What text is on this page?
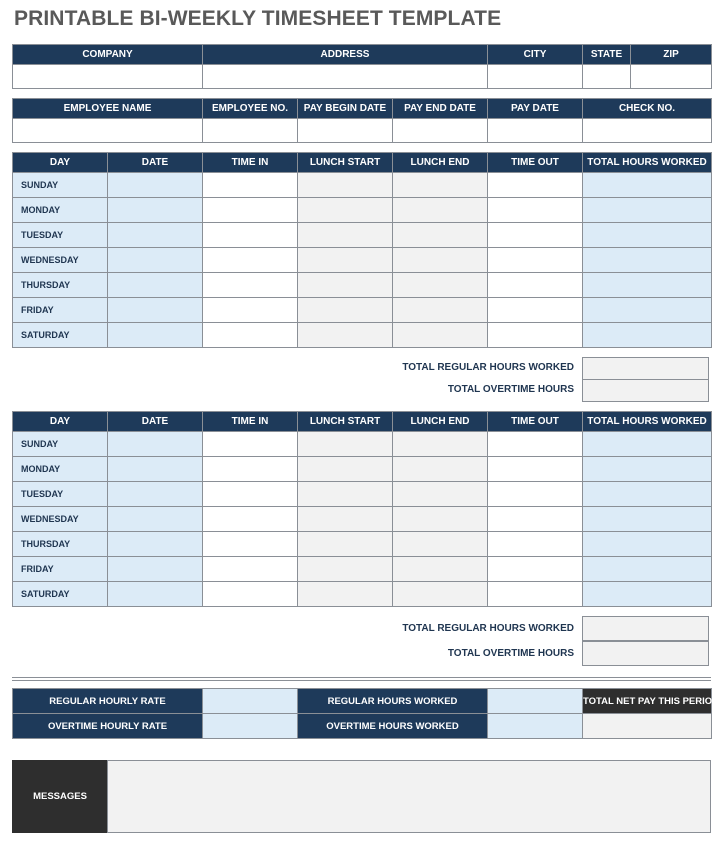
PRINTABLE BI-WEEKLY TIMESHEET TEMPLATE
COMPANY	ADDRESS	CITY	STATE	ZIP

EMPLOYEE NAME	EMPLOYEE NO.	PAY BEGIN DATE	PAY END DATE	PAY DATE	CHECK NO.

DAY	DATE	TIME IN	LUNCH START	LUNCH END	TIME OUT	TOTAL HOURS WORKED
SUNDAY						
MONDAY						
TUESDAY						
WEDNESDAY						
THURSDAY						
FRIDAY						
SATURDAY						
TOTAL REGULAR HOURS WORKED
TOTAL OVERTIME HOURS
DAY	DATE	TIME IN	LUNCH START	LUNCH END	TIME OUT	TOTAL HOURS WORKED
SUNDAY						
MONDAY						
TUESDAY						
WEDNESDAY						
THURSDAY						
FRIDAY						
SATURDAY						
TOTAL REGULAR HOURS WORKED
TOTAL OVERTIME HOURS
REGULAR HOURLY RATE		REGULAR HOURS WORKED		TOTAL NET PAY THIS PERIOD
OVERTIME HOURLY RATE		OVERTIME HOURS WORKED		
MESSAGES
